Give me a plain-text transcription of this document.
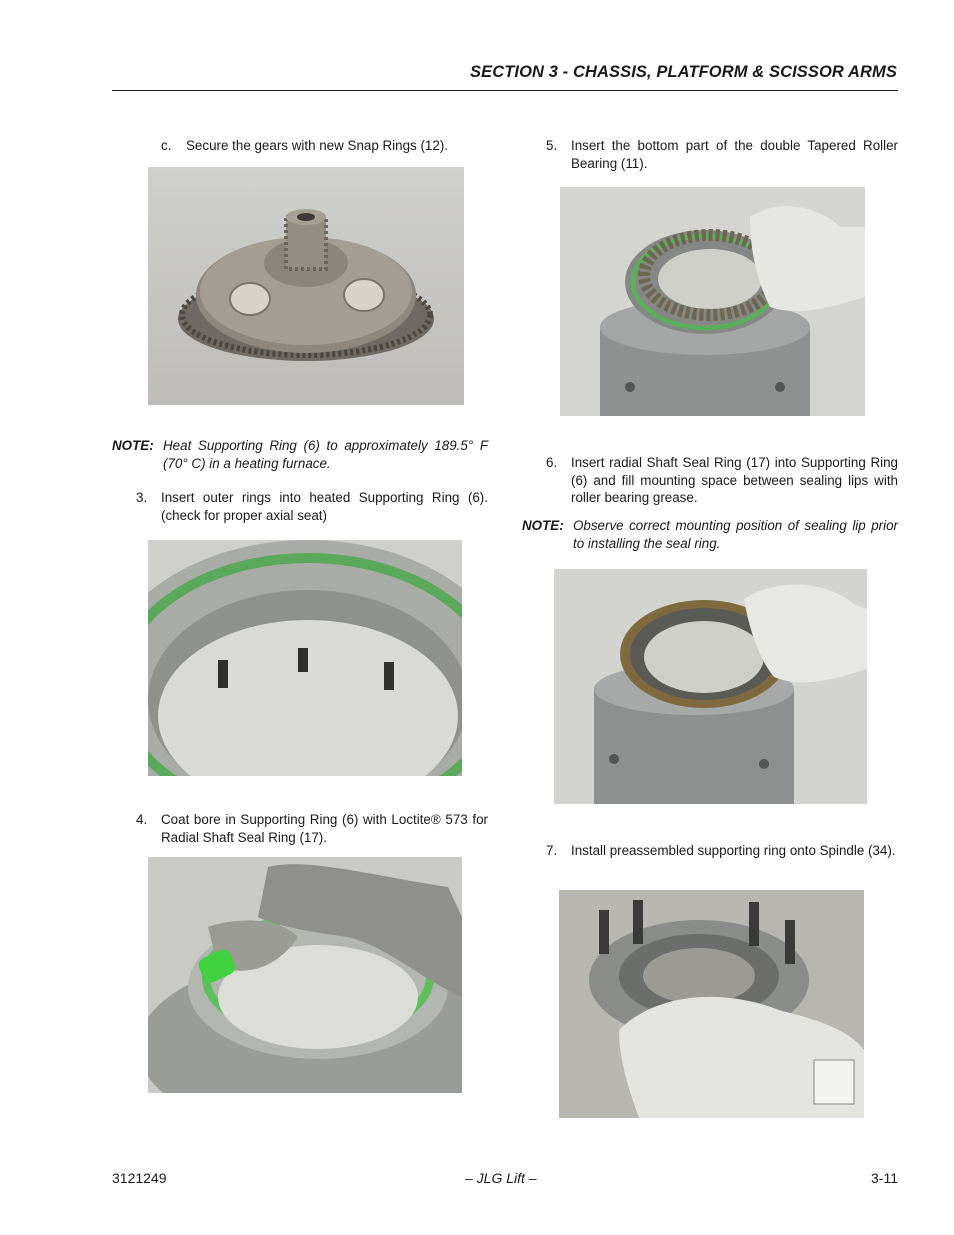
SECTION 3 - CHASSIS, PLATFORM & SCISSOR ARMS
c. Secure the gears with new Snap Rings (12).
NOTE: Heat Supporting Ring (6) to approximately 189.5° F (70° C) in a heating furnace.
3. Insert outer rings into heated Supporting Ring (6). (check for proper axial seat)
4. Coat bore in Supporting Ring (6) with Loctite® 573 for Radial Shaft Seal Ring (17).
5. Insert the bottom part of the double Tapered Roller Bearing (11).
6. Insert radial Shaft Seal Ring (17) into Supporting Ring (6) and fill mounting space between sealing lips with roller bearing grease.
NOTE: Observe correct mounting position of sealing lip prior to installing the seal ring.
7. Install preassembled supporting ring onto Spindle (34).
3121249	– JLG Lift –	3-11
